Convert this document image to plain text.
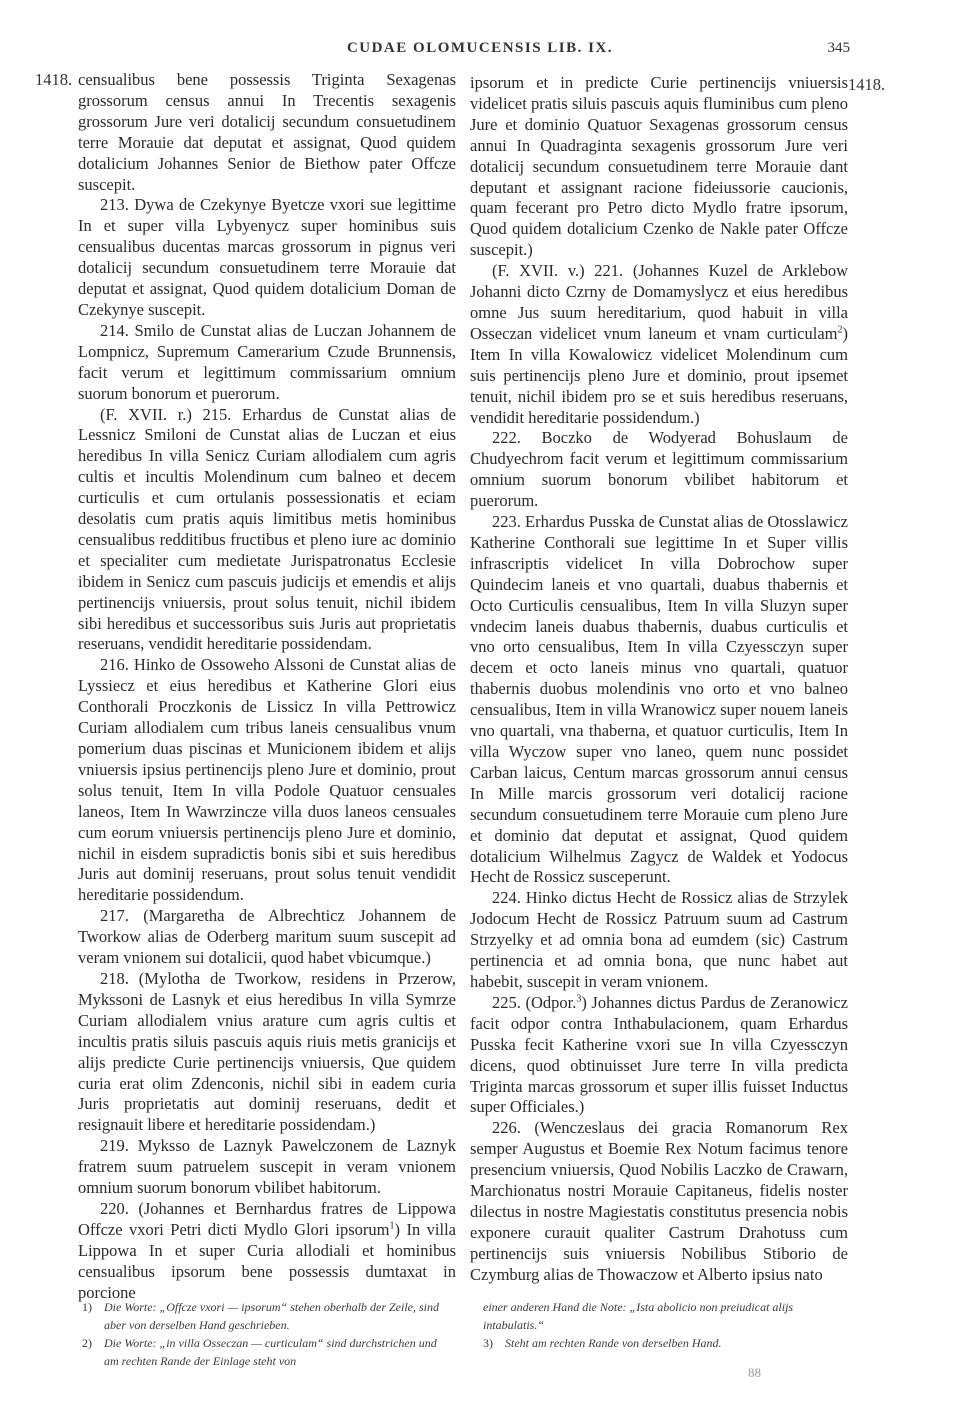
CUDAE OLOMUCENSIS LIB. IX.	345
1418.	1418.

censualibus bene possessis Triginta Sexagenas grossorum census annui In Trecentis sexagenis grossorum Jure veri dotalicij secundum consuetudinem terre Morauie dat deputat et assignat, Quod quidem dotalicium Johannes Senior de Biethow pater Offcze suscepit.

213. Dywa de Czekynye Byetcze vxori sue legittime In et super villa Lybyenycz super hominibus suis censualibus ducentas marcas grossorum in pignus veri dotalicij secundum consuetudinem terre Morauie dat deputat et assignat, Quod quidem dotalicium Doman de Czekynye suscepit.

214. Smilo de Cunstat alias de Luczan Johannem de Lompnicz, Supremum Camerarium Czude Brunnensis, facit verum et legittimum commissarium omnium suorum bonorum et puerorum.

(F. XVII. r.) 215. Erhardus de Cunstat alias de Lessnicz Smiloni de Cunstat alias de Luczan et eius heredibus In villa Senicz Curiam allodialem cum agris cultis et incultis Molendinum cum balneo et decem curticulis et cum ortulanis possessionatis et eciam desolatis cum pratis aquis limitibus metis hominibus censualibus redditibus fructibus et pleno iure ac dominio et specialiter cum medietate Jurispatronatus Ecclesie ibidem in Senicz cum pascuis judicijs et emendis et alijs pertinencijs vniuersis, prout solus tenuit, nichil ibidem sibi heredibus et successoribus suis Juris aut proprietatis reseruans, vendidit hereditarie possidendam.

216. Hinko de Ossoweho Alssoni de Cunstat alias de Lyssiecz et eius heredibus et Katherine Glori eius Conthorali Proczkonis de Lissicz In villa Pettrowicz Curiam allodialem cum tribus laneis censualibus vnum pomerium duas piscinas et Municionem ibidem et alijs vniuersis ipsius pertinencijs pleno Jure et dominio, prout solus tenuit, Item In villa Podole Quatuor censuales laneos, Item In Wawrzincze villa duos laneos censuales cum eorum vniuersis pertinencijs pleno Jure et dominio, nichil in eisdem supradictis bonis sibi et suis heredibus Juris aut dominij reseruans, prout solus tenuit vendidit hereditarie possidendum.

217. (Margaretha de Albrechticz Johannem de Tworkow alias de Oderberg maritum suum suscepit ad veram vnionem sui dotalicii, quod habet vbicumque.)

218. (Mylotha de Tworkow, residens in Przerow, Mykssoni de Lasnyk et eius heredibus In villa Symrze Curiam allodialem vnius arature cum agris cultis et incultis pratis siluis pascuis aquis riuis metis granicijs et alijs predicte Curie pertinencijs vniuersis, Que quidem curia erat olim Zdenconis, nichil sibi in eadem curia Juris proprietatis aut dominij reseruans, dedit et resignauit libere et hereditarie possidendam.)

219. Myksso de Laznyk Pawelczonem de Laznyk fratrem suum patruelem suscepit in veram vnionem omnium suorum bonorum vbilibet habitorum.

220. (Johannes et Bernhardus fratres de Lippowa Offcze vxori Petri dicti Mydlo Glori ipsorum$^1$) In villa Lippowa In et super Curia allodiali et hominibus censualibus ipsorum bene possessis dumtaxat in porcione

ipsorum et in predicte Curie pertinencijs vniuersis videlicet pratis siluis pascuis aquis fluminibus cum pleno Jure et dominio Quatuor Sexagenas grossorum census annui In Quadraginta sexagenis grossorum Jure veri dotalicij secundum consuetudinem terre Morauie dant deputant et assignant racione fideiussorie caucionis, quam fecerant pro Petro dicto Mydlo fratre ipsorum, Quod quidem dotalicium Czenko de Nakle pater Offcze suscepit.)

(F. XVII. v.) 221. (Johannes Kuzel de Arklebow Johanni dicto Czrny de Domamyslycz et eius heredibus omne Jus suum hereditarium, quod habuit in villa Osseczan videlicet vnum laneum et vnam curticulam$^2$) Item In villa Kowalowicz videlicet Molendinum cum suis pertinencijs pleno Jure et dominio, prout ipsemet tenuit, nichil ibidem pro se et suis heredibus reseruans, vendidit hereditarie possidendum.)

222. Boczko de Wodyerad Bohuslaum de Chudyechrom facit verum et legittimum commissarium omnium suorum bonorum vbilibet habitorum et puerorum.

223. Erhardus Pusska de Cunstat alias de Otosslawicz Katherine Conthorali sue legittime In et Super villis infrascriptis videlicet In villa Dobrochow super Quindecim laneis et vno quartali, duabus thabernis et Octo Curticulis censualibus, Item In villa Sluzyn super vndecim laneis duabus thabernis, duabus curticulis et vno orto censualibus, Item In villa Czyessczyn super decem et octo laneis minus vno quartali, quatuor thabernis duobus molendinis vno orto et vno balneo censualibus, Item in villa Wranowicz super nouem laneis vno quartali, vna thaberna, et quatuor curticulis, Item In villa Wyczow super vno laneo, quem nunc possidet Carban laicus, Centum marcas grossorum annui census In Mille marcis grossorum veri dotalicij racione secundum consuetudinem terre Morauie cum pleno Jure et dominio dat deputat et assignat, Quod quidem dotalicium Wilhelmus Zagycz de Waldek et Yodocus Hecht de Rossicz susceperunt.

224. Hinko dictus Hecht de Rossicz alias de Strzylek Jodocum Hecht de Rossicz Patruum suum ad Castrum Strzyelky et ad omnia bona ad eumdem (sic) Castrum pertinencia et ad omnia bona, que nunc habet aut habebit, suscepit in veram vnionem.

225. (Odpor.$^3$) Johannes dictus Pardus de Zeranowicz facit odpor contra Inthabulacionem, quam Erhardus Pusska fecit Katherine vxori sue In villa Czyessczyn dicens, quod obtinuisset Jure terre In villa predicta Triginta marcas grossorum et super illis fuisset Inductus super Officiales.)

226. (Wenczeslaus dei gracia Romanorum Rex semper Augustus et Boemie Rex Notum facimus tenore presencium vniuersis, Quod Nobilis Laczko de Crawarn, Marchionatus nostri Morauie Capitaneus, fidelis noster dilectus in nostre Magiestatis constitutus presencia nobis exponere curauit qualiter Castrum Drahotuss cum pertinencijs suis vniuersis Nobilibus Stiborio de Czymburg alias de Thowaczow et Alberto ipsius nato

1) Die Worte: „Offcze vxori — ipsorum“ stehen oberhalb der Zeile, sind aber von derselben Hand geschrieben.

2) Die Worte: „in villa Osseczan — curticulam“ sind durchstrichen und am rechten Rande der Einlage steht von

einer anderen Hand die Note: „Ista abolicio non preiudicat alijs intabulatis.“

3) Steht am rechten Rande von derselben Hand.

88
